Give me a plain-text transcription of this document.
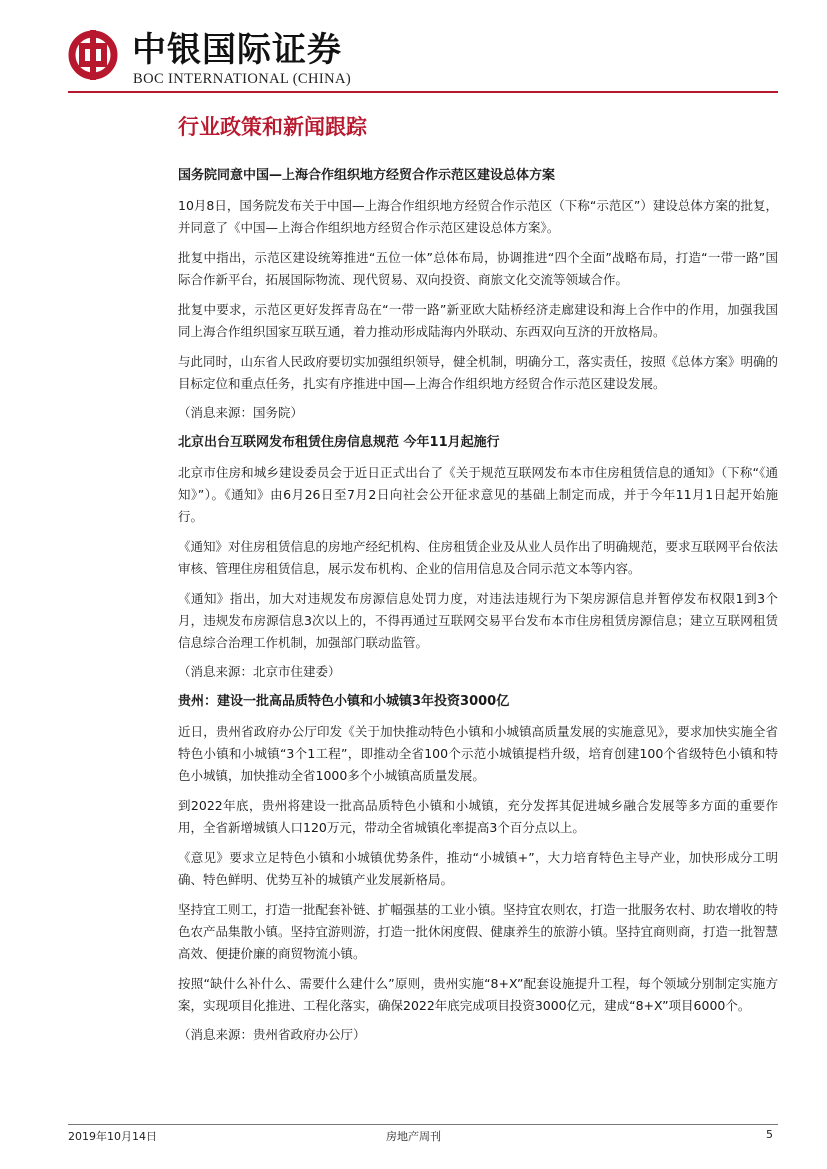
中银国际证券
BOC INTERNATIONAL (CHINA)
行业政策和新闻跟踪
国务院同意中国—上海合作组织地方经贸合作示范区建设总体方案

10月8日，国务院发布关于中国—上海合作组织地方经贸合作示范区（下称“示范区”）建设总体方案的批复，并同意了《中国—上海合作组织地方经贸合作示范区建设总体方案》。

批复中指出，示范区建设统筹推进“五位一体”总体布局，协调推进“四个全面”战略布局，打造“一带一路”国际合作新平台，拓展国际物流、现代贸易、双向投资、商旅文化交流等领域合作。

批复中要求，示范区更好发挥青岛在“一带一路”新亚欧大陆桥经济走廊建设和海上合作中的作用，加强我国同上海合作组织国家互联互通，着力推动形成陆海内外联动、东西双向互济的开放格局。

与此同时，山东省人民政府要切实加强组织领导，健全机制，明确分工，落实责任，按照《总体方案》明确的目标定位和重点任务，扎实有序推进中国—上海合作组织地方经贸合作示范区建设发展。

（消息来源：国务院）
北京出台互联网发布租赁住房信息规范 今年11月起施行

北京市住房和城乡建设委员会于近日正式出台了《关于规范互联网发布本市住房租赁信息的通知》（下称“《通知》”）。《通知》由6月26日至7月2日向社会公开征求意见的基础上制定而成，并于今年11月1日起开始施行。

《通知》对住房租赁信息的房地产经纪机构、住房租赁企业及从业人员作出了明确规范，要求互联网平台依法审核、管理住房租赁信息，展示发布机构、企业的信用信息及合同示范文本等内容。

《通知》指出，加大对违规发布房源信息处罚力度，对违法违规行为下架房源信息并暂停发布权限1到3个月，违规发布房源信息3次以上的，不得再通过互联网交易平台发布本市住房租赁房源信息；建立互联网租赁信息综合治理工作机制，加强部门联动监管。

（消息来源：北京市住建委）
贵州：建设一批高品质特色小镇和小城镇3年投资3000亿

近日，贵州省政府办公厅印发《关于加快推动特色小镇和小城镇高质量发展的实施意见》，要求加快实施全省特色小镇和小城镇“3个1工程”，即推动全省100个示范小城镇提档升级，培育创建100个省级特色小镇和特色小城镇，加快推动全省1000多个小城镇高质量发展。

到2022年底，贵州将建设一批高品质特色小镇和小城镇，充分发挥其促进城乡融合发展等多方面的重要作用，全省新增城镇人口120万元，带动全省城镇化率提高3个百分点以上。

《意见》要求立足特色小镇和小城镇优势条件，推动“小城镇+”，大力培育特色主导产业，加快形成分工明确、特色鲜明、优势互补的城镇产业发展新格局。

坚持宜工则工，打造一批配套补链、扩幅强基的工业小镇。坚持宜农则农，打造一批服务农村、助农增收的特色农产品集散小镇。坚持宜游则游，打造一批休闲度假、健康养生的旅游小镇。坚持宜商则商，打造一批智慧高效、便捷价廉的商贸物流小镇。

按照“缺什么补什么、需要什么建什么”原则，贵州实施“8+X”配套设施提升工程，每个领域分别制定实施方案，实现项目化推进、工程化落实，确保2022年底完成项目投资3000亿元，建成“8+X”项目6000个。

（消息来源：贵州省政府办公厅）
2019年10月14日	房地产周刊	5
